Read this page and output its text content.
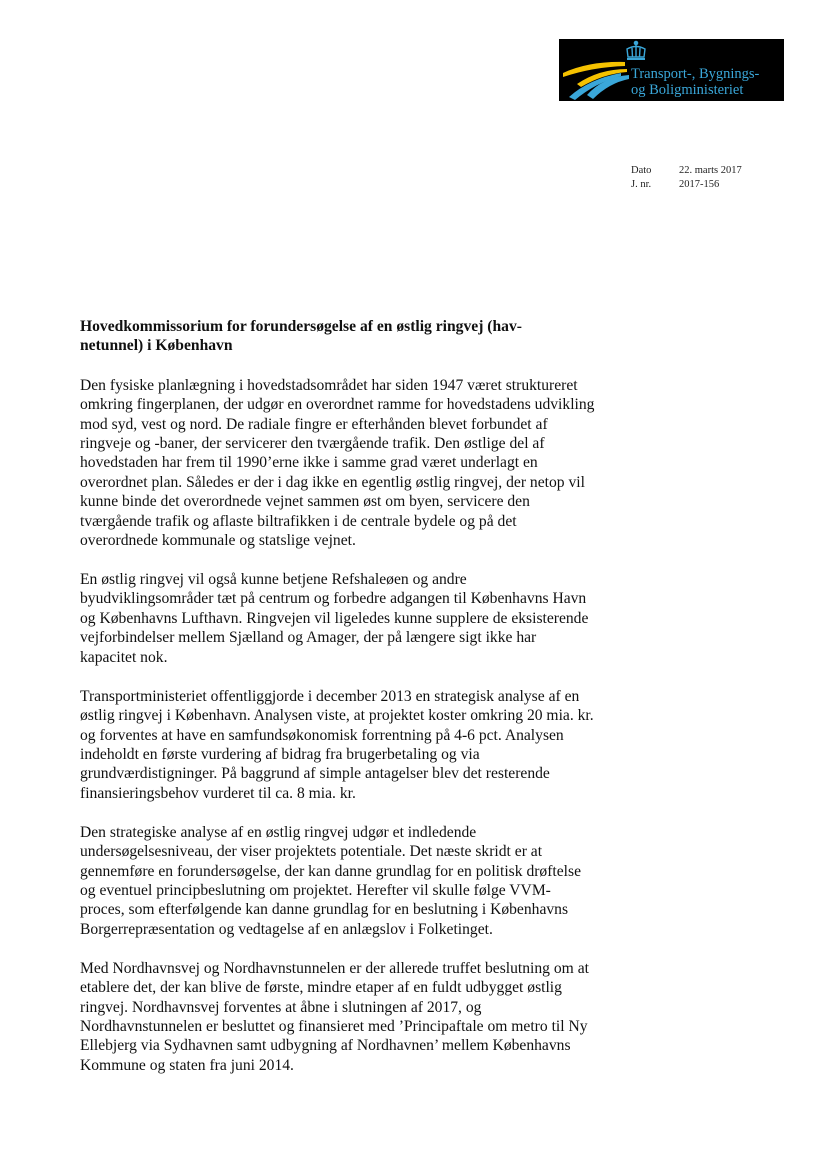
Transport-, Bygnings-
og Boligministeriet
Dato	22. marts 2017
J. nr.	2017-156
Hovedkommissorium for forundersøgelse af en østlig ringvej (hav-
netunnel) i København

Den fysiske planlægning i hovedstadsområdet har siden 1947 været struktureret omkring fingerplanen, der udgør en overordnet ramme for hovedstadens udvikling mod syd, vest og nord. De radiale fingre er efterhånden blevet forbundet af ringveje og -baner, der servicerer den tværgående trafik. Den østlige del af hovedstaden har frem til 1990’erne ikke i samme grad været underlagt en overordnet plan. Således er der i dag ikke en egentlig østlig ringvej, der netop vil kunne binde det overordnede vejnet sammen øst om byen, servicere den tværgående trafik og aflaste biltrafikken i de centrale bydele og på det overordnede kommunale og statslige vejnet.

En østlig ringvej vil også kunne betjene Refshaleøen og andre byudviklingsområder tæt på centrum og forbedre adgangen til Københavns Havn og Københavns Lufthavn. Ringvejen vil ligeledes kunne supplere de eksisterende vejforbindelser mellem Sjælland og Amager, der på længere sigt ikke har kapacitet nok.

Transportministeriet offentliggjorde i december 2013 en strategisk analyse af en østlig ringvej i København. Analysen viste, at projektet koster omkring 20 mia. kr. og forventes at have en samfundsøkonomisk forrentning på 4-6 pct. Analysen indeholdt en første vurdering af bidrag fra brugerbetaling og via grundværdistigninger. På baggrund af simple antagelser blev det resterende finansieringsbehov vurderet til ca. 8 mia. kr.

Den strategiske analyse af en østlig ringvej udgør et indledende undersøgelsesniveau, der viser projektets potentiale. Det næste skridt er at gennemføre en forundersøgelse, der kan danne grundlag for en politisk drøftelse og eventuel principbeslutning om projektet. Herefter vil skulle følge VVM-proces, som efterfølgende kan danne grundlag for en beslutning i Københavns Borgerrepræsentation og vedtagelse af en anlægslov i Folketinget.

Med Nordhavnsvej og Nordhavnstunnelen er der allerede truffet beslutning om at etablere det, der kan blive de første, mindre etaper af en fuldt udbygget østlig ringvej. Nordhavnsvej forventes at åbne i slutningen af 2017, og Nordhavnstunnelen er besluttet og finansieret med ’Principaftale om metro til Ny Ellebjerg via Sydhavnen samt udbygning af Nordhavnen’ mellem Københavns Kommune og staten fra juni 2014.
